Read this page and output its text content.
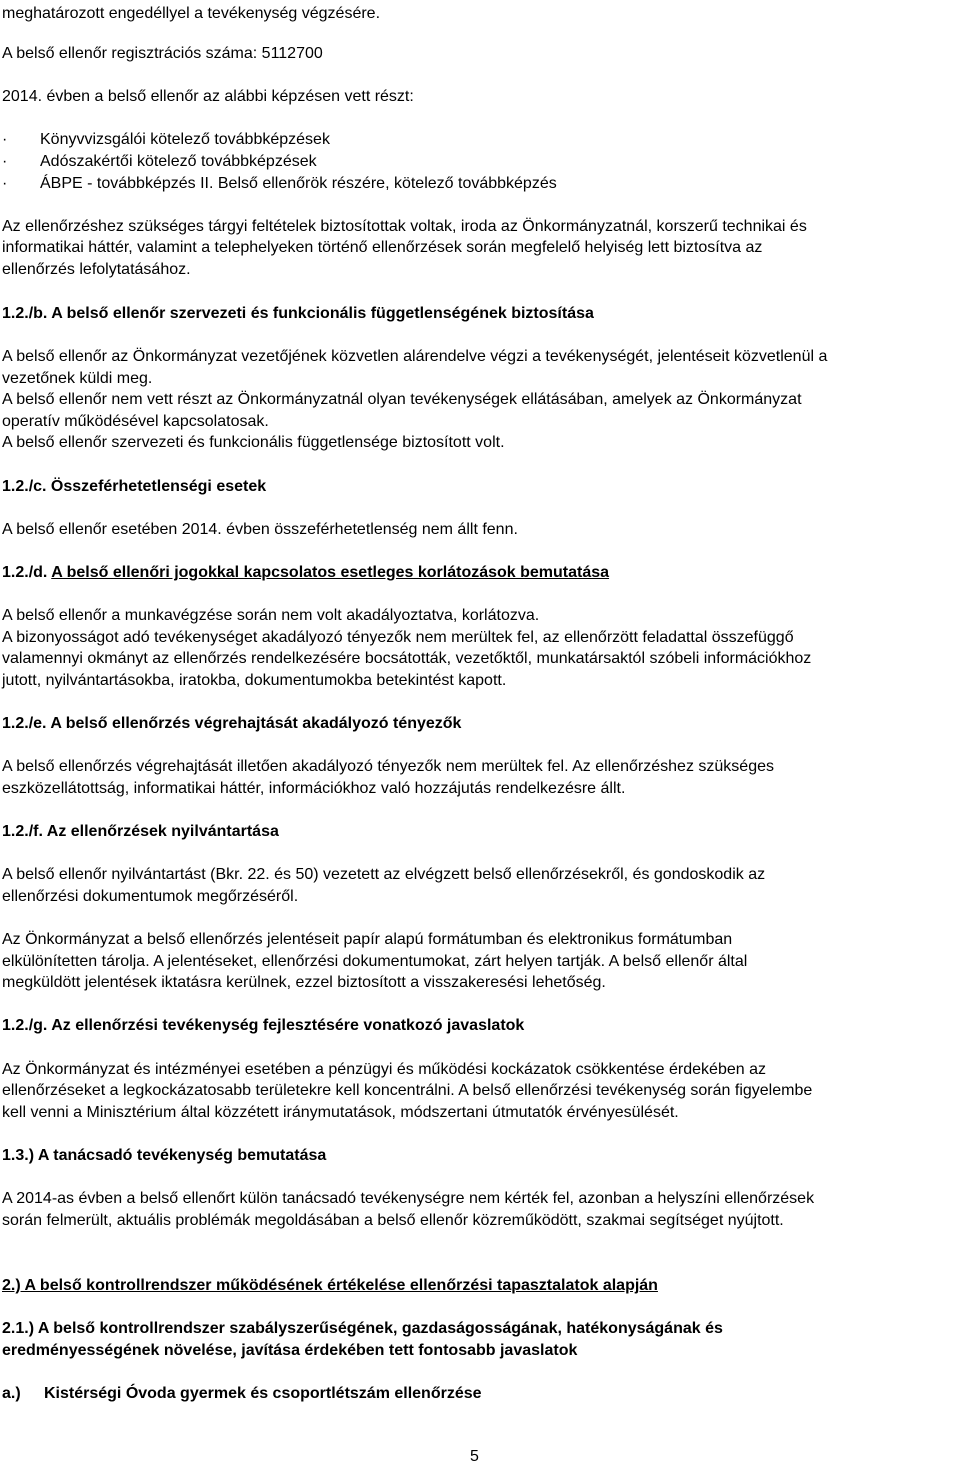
meghatározott engedéllyel a tevékenység végzésére.
A belső ellenőr regisztrációs száma: 5112700
2014. évben a belső ellenőr az alábbi képzésen vett részt:
· Könyvvizsgálói kötelező továbbképzések
· Adószakértői kötelező továbbképzések
· ÁBPE - továbbképzés II. Belső ellenőrök részére, kötelező továbbképzés
Az ellenőrzéshez szükséges tárgyi feltételek biztosítottak voltak, iroda az Önkormányzatnál, korszerű technikai és
informatikai háttér, valamint a telephelyeken történő ellenőrzések során megfelelő helyiség lett biztosítva az
ellenőrzés lefolytatásához.
1.2./b. A belső ellenőr szervezeti és funkcionális függetlenségének biztosítása
A belső ellenőr az Önkormányzat vezetőjének közvetlen alárendelve végzi a tevékenységét, jelentéseit közvetlenül a
vezetőnek küldi meg.
A belső ellenőr nem vett részt az Önkormányzatnál olyan tevékenységek ellátásában, amelyek az Önkormányzat
operatív működésével kapcsolatosak.
A belső ellenőr szervezeti és funkcionális függetlensége biztosított volt.
1.2./c. Összeférhetetlenségi esetek
A belső ellenőr esetében 2014. évben összeférhetetlenség nem állt fenn.
1.2./d. A belső ellenőri jogokkal kapcsolatos esetleges korlátozások bemutatása
A belső ellenőr a munkavégzése során nem volt akadályoztatva, korlátozva.
A bizonyosságot adó tevékenységet akadályozó tényezők nem merültek fel, az ellenőrzött feladattal összefüggő
valamennyi okmányt az ellenőrzés rendelkezésére bocsátották, vezetőktől, munkatársaktól szóbeli információkhoz
jutott, nyilvántartásokba, iratokba, dokumentumokba betekintést kapott.
1.2./e. A belső ellenőrzés végrehajtását akadályozó tényezők
A belső ellenőrzés végrehajtását illetően akadályozó tényezők nem merültek fel. Az ellenőrzéshez szükséges
eszközellátottság, informatikai háttér, információkhoz való hozzájutás rendelkezésre állt.
1.2./f. Az ellenőrzések nyilvántartása
A belső ellenőr nyilvántartást (Bkr. 22. és 50) vezetett az elvégzett belső ellenőrzésekről, és gondoskodik az
ellenőrzési dokumentumok megőrzéséről.
Az Önkormányzat a belső ellenőrzés jelentéseit papír alapú formátumban és elektronikus formátumban
elkülönítetten tárolja. A jelentéseket, ellenőrzési dokumentumokat, zárt helyen tartják. A belső ellenőr által
megküldött jelentések iktatásra kerülnek, ezzel biztosított a visszakeresési lehetőség.
1.2./g. Az ellenőrzési tevékenység fejlesztésére vonatkozó javaslatok
Az Önkormányzat és intézményei esetében a pénzügyi és működési kockázatok csökkentése érdekében az
ellenőrzéseket a legkockázatosabb területekre kell koncentrálni. A belső ellenőrzési tevékenység során figyelembe
kell venni a Minisztérium által közzétett iránymutatások, módszertani útmutatók érvényesülését.
1.3.) A tanácsadó tevékenység bemutatása
A 2014-as évben a belső ellenőrt külön tanácsadó tevékenységre nem kérték fel, azonban a helyszíni ellenőrzések
során felmerült, aktuális problémák megoldásában a belső ellenőr közreműködött, szakmai segítséget nyújtott.
2.) A belső kontrollrendszer működésének értékelése ellenőrzési tapasztalatok alapján
2.1.) A belső kontrollrendszer szabályszerűségének, gazdaságosságának, hatékonyságának és
eredményességének növelése, javítása érdekében tett fontosabb javaslatok
a.) Kistérségi Óvoda gyermek és csoportlétszám ellenőrzése
5
